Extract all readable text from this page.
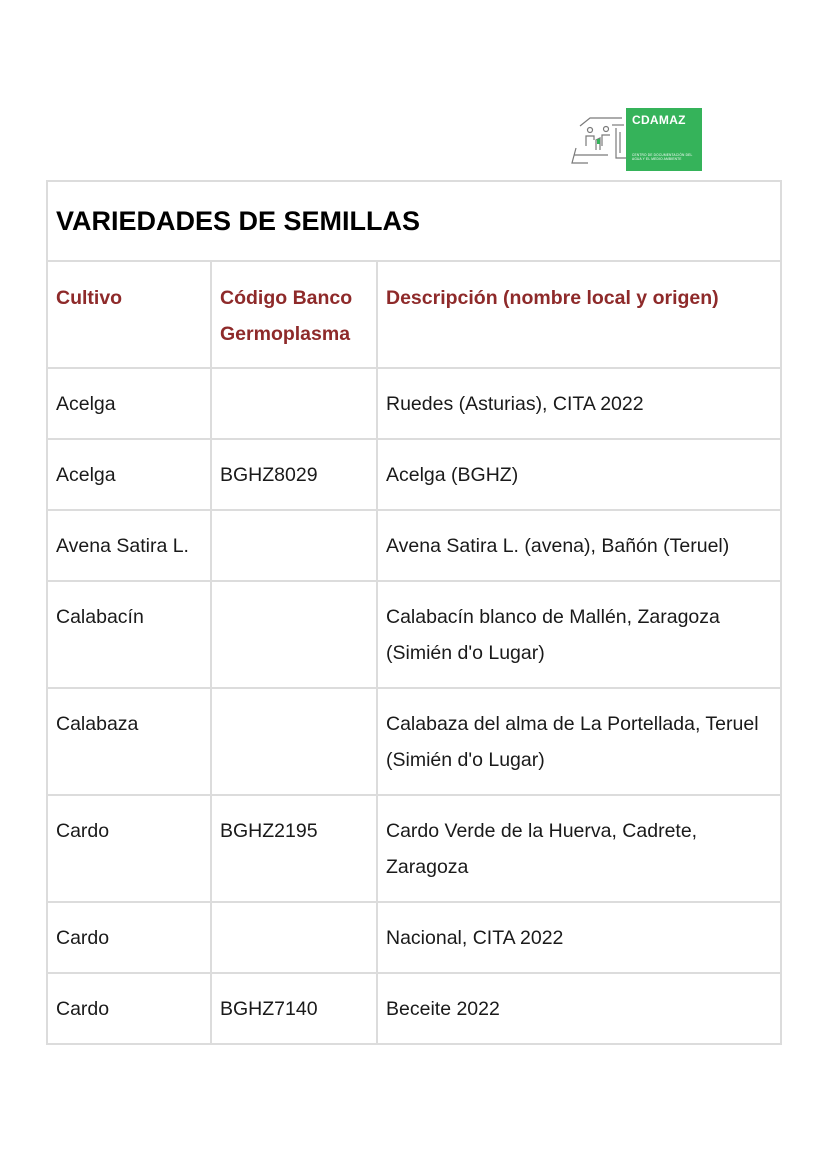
CDAMAZ
CENTRO DE DOCUMENTACIÓN DEL AGUA Y EL MEDIO AMBIENTE
VARIEDADES DE SEMILLAS		

Cultivo	Código Banco Germoplasma	Descripción (nombre local y origen)
Acelga		Ruedes (Asturias), CITA 2022
Acelga	BGHZ8029	Acelga (BGHZ)
Avena Satira L.		Avena Satira L. (avena), Bañón (Teruel)
Calabacín		Calabacín blanco de Mallén, Zaragoza (Simién d'o Lugar)
Calabaza		Calabaza del alma de La Portellada, Teruel (Simién d'o Lugar)
Cardo	BGHZ2195	Cardo Verde de la Huerva, Cadrete, Zaragoza
Cardo		Nacional, CITA 2022
Cardo	BGHZ7140	Beceite 2022
